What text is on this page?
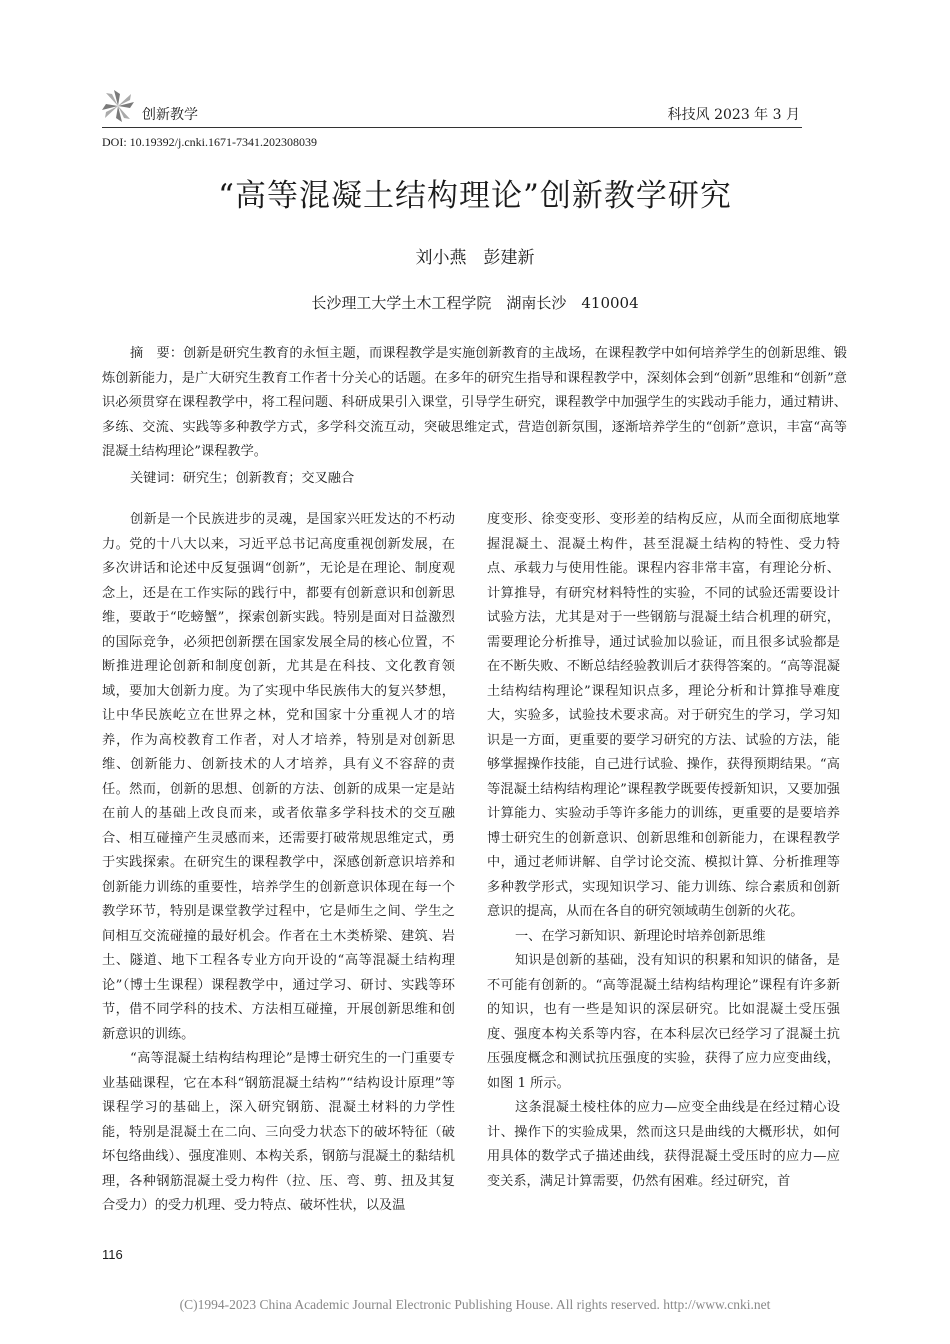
创新教学	科技风 2023 年 3 月
DOI: 10.19392/j.cnki.1671-7341.202308039
“高等混凝土结构理论”创新教学研究
刘小燕　彭建新
长沙理工大学土木工程学院　湖南长沙　410004
摘　要：创新是研究生教育的永恒主题，而课程教学是实施创新教育的主战场，在课程教学中如何培养学生的创新思维、锻炼创新能力，是广大研究生教育工作者十分关心的话题。在多年的研究生指导和课程教学中，深刻体会到“创新”思维和“创新”意识必须贯穿在课程教学中，将工程问题、科研成果引入课堂，引导学生研究，课程教学中加强学生的实践动手能力，通过精讲、多练、交流、实践等多种教学方式，多学科交流互动，突破思维定式，营造创新氛围，逐渐培养学生的“创新”意识，丰富“高等混凝土结构理论”课程教学。
关键词：研究生；创新教育；交叉融合

创新是一个民族进步的灵魂，是国家兴旺发达的不朽动力。党的十八大以来，习近平总书记高度重视创新发展，在多次讲话和论述中反复强调“创新”，无论是在理论、制度观念上，还是在工作实际的践行中，都要有创新意识和创新思维，要敢于“吃螃蟹”，探索创新实践。特别是面对日益激烈的国际竞争，必须把创新摆在国家发展全局的核心位置，不断推进理论创新和制度创新，尤其是在科技、文化教育领域，要加大创新力度。为了实现中华民族伟大的复兴梦想，让中华民族屹立在世界之林，党和国家十分重视人才的培养，作为高校教育工作者，对人才培养，特别是对创新思维、创新能力、创新技术的人才培养，具有义不容辞的责任。然而，创新的思想、创新的方法、创新的成果一定是站在前人的基础上改良而来，或者依靠多学科技术的交互融合、相互碰撞产生灵感而来，还需要打破常规思维定式，勇于实践探索。在研究生的课程教学中，深感创新意识培养和创新能力训练的重要性，培养学生的创新意识体现在每一个教学环节，特别是课堂教学过程中，它是师生之间、学生之间相互交流碰撞的最好机会。作者在土木类桥梁、建筑、岩土、隧道、地下工程各专业方向开设的“高等混凝土结构理论”（博士生课程）课程教学中，通过学习、研讨、实践等环节，借不同学科的技术、方法相互碰撞，开展创新思维和创新意识的训练。

“高等混凝土结构结构理论”是博士研究生的一门重要专业基础课程，它在本科“钢筋混凝土结构”“结构设计原理”等课程学习的基础上，深入研究钢筋、混凝土材料的力学性能，特别是混凝土在二向、三向受力状态下的破坏特征（破坏包络曲线）、强度准则、本构关系，钢筋与混凝土的黏结机理，各种钢筋混凝土受力构件（拉、压、弯、剪、扭及其复合受力）的受力机理、受力特点、破坏性状，以及温

度变形、徐变变形、变形差的结构反应，从而全面彻底地掌握混凝土、混凝土构件，甚至混凝土结构的特性、受力特点、承载力与使用性能。课程内容非常丰富，有理论分析、计算推导，有研究材料特性的实验，不同的试验还需要设计试验方法，尤其是对于一些钢筋与混凝土结合机理的研究，需要理论分析推导，通过试验加以验证，而且很多试验都是在不断失败、不断总结经验教训后才获得答案的。“高等混凝土结构结构理论”课程知识点多，理论分析和计算推导难度大，实验多，试验技术要求高。对于研究生的学习，学习知识是一方面，更重要的要学习研究的方法、试验的方法，能够掌握操作技能，自己进行试验、操作，获得预期结果。“高等混凝土结构结构理论”课程教学既要传授新知识，又要加强计算能力、实验动手等许多能力的训练，更重要的是要培养博士研究生的创新意识、创新思维和创新能力，在课程教学中，通过老师讲解、自学讨论交流、模拟计算、分析推理等多种教学形式，实现知识学习、能力训练、综合素质和创新意识的提高，从而在各自的研究领域萌生创新的火花。

一、在学习新知识、新理论时培养创新思维

知识是创新的基础，没有知识的积累和知识的储备，是不可能有创新的。“高等混凝土结构结构理论”课程有许多新的知识，也有一些是知识的深层研究。比如混凝土受压强度、强度本构关系等内容，在本科层次已经学习了混凝土抗压强度概念和测试抗压强度的实验，获得了应力应变曲线，如图 1 所示。

这条混凝土棱柱体的应力—应变全曲线是在经过精心设计、操作下的实验成果，然而这只是曲线的大概形状，如何用具体的数学式子描述曲线，获得混凝土受压时的应力—应变关系，满足计算需要，仍然有困难。经过研究，首

116
(C)1994-2023 China Academic Journal Electronic Publishing House. All rights reserved. http://www.cnki.net
